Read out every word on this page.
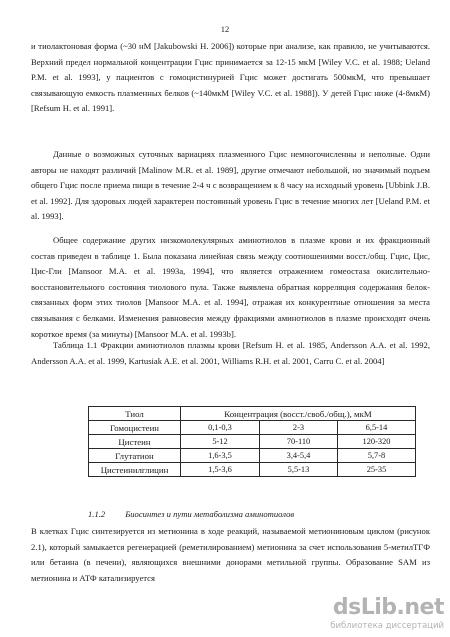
12

и тиолактоновая форма (~30 нМ [Jakubowski H. 2006]) которые при анализе, как правило, не учитываются. Верхний предел нормальной концентрации Гцис принимается за 12-15 мкМ [Wiley V.C. et al. 1988; Ueland P.M. et al. 1993], у пациентов с гомоцистинурией Гцис может достигать 500мкМ, что превышает связывающую емкость плазменных белков (~140мкМ [Wiley V.C. et al. 1988]). У детей Гцис ниже (4-8мкМ) [Refsum H. et al. 1991].

Данные о возможных суточных вариациях плазменного Гцис немногочисленны и неполные. Одни авторы не находят различий [Malinow M.R. et al. 1989], другие отмечают небольшой, но значимый подъем общего Гцис после приема пищи в течение 2-4 ч с возвращением к 8 часу на исходный уровень [Ubbink J.B. et al. 1992]. Для здоровых людей характерен постоянный уровень Гцис в течение многих лет [Ueland P.M. et al. 1993].

Общее содержание других низкомолекулярных аминотиолов в плазме крови и их фракционный состав приведен в таблице 1. Была показана линейная связь между соотношениями восст./общ. Гцис, Цис, Цис-Гли [Mansoor M.A. et al. 1993a, 1994], что является отражением гомеостаза окислительно-восстановительного состояния тиолового пула. Также выявлена обратная корреляция содержания белок-связанных форм этих тиолов [Mansoor M.A. et al. 1994], отражая их конкурентные отношения за места связывания с белками. Изменения равновесия между фракциями аминотиолов в плазме происходят очень короткое время (за минуты) [Mansoor M.A. et al. 1993b].

Таблица 1.1 Фракции аминотиолов плазмы крови [Refsum H. et al. 1985, Andersson A.A. et al. 1992, Andersson A.A. et al. 1999, Kartusiak A.E. et al. 2001, Williams R.H. et al. 2001, Carru C. et al. 2004]

Тиол	Концентрация (восст./своб./общ.), мкМ		
Гомоцистеин	0,1-0,3	2-3	6,5-14
Цистеин	5-12	70-110	120-320
Глутатион	1,6-3,5	3,4-5,4	5,7-8
Цистеинилглицин	1,5-3,6	5,5-13	25-35
1.1.2 Биосинтез и пути метаболизма аминотиолов

В клетках Гцис синтезируется из метионина в ходе реакций, называемой метиониновым циклом (рисунок 2.1), который замыкается регенерацией (реметилированием) метионина за счет использования 5-метилТГФ или бетаина (в печени), являющихся внешними донорами метильной группы. Образование SAM из метионина и АТФ катализируется

dsLib.net
библиотека диссертаций
